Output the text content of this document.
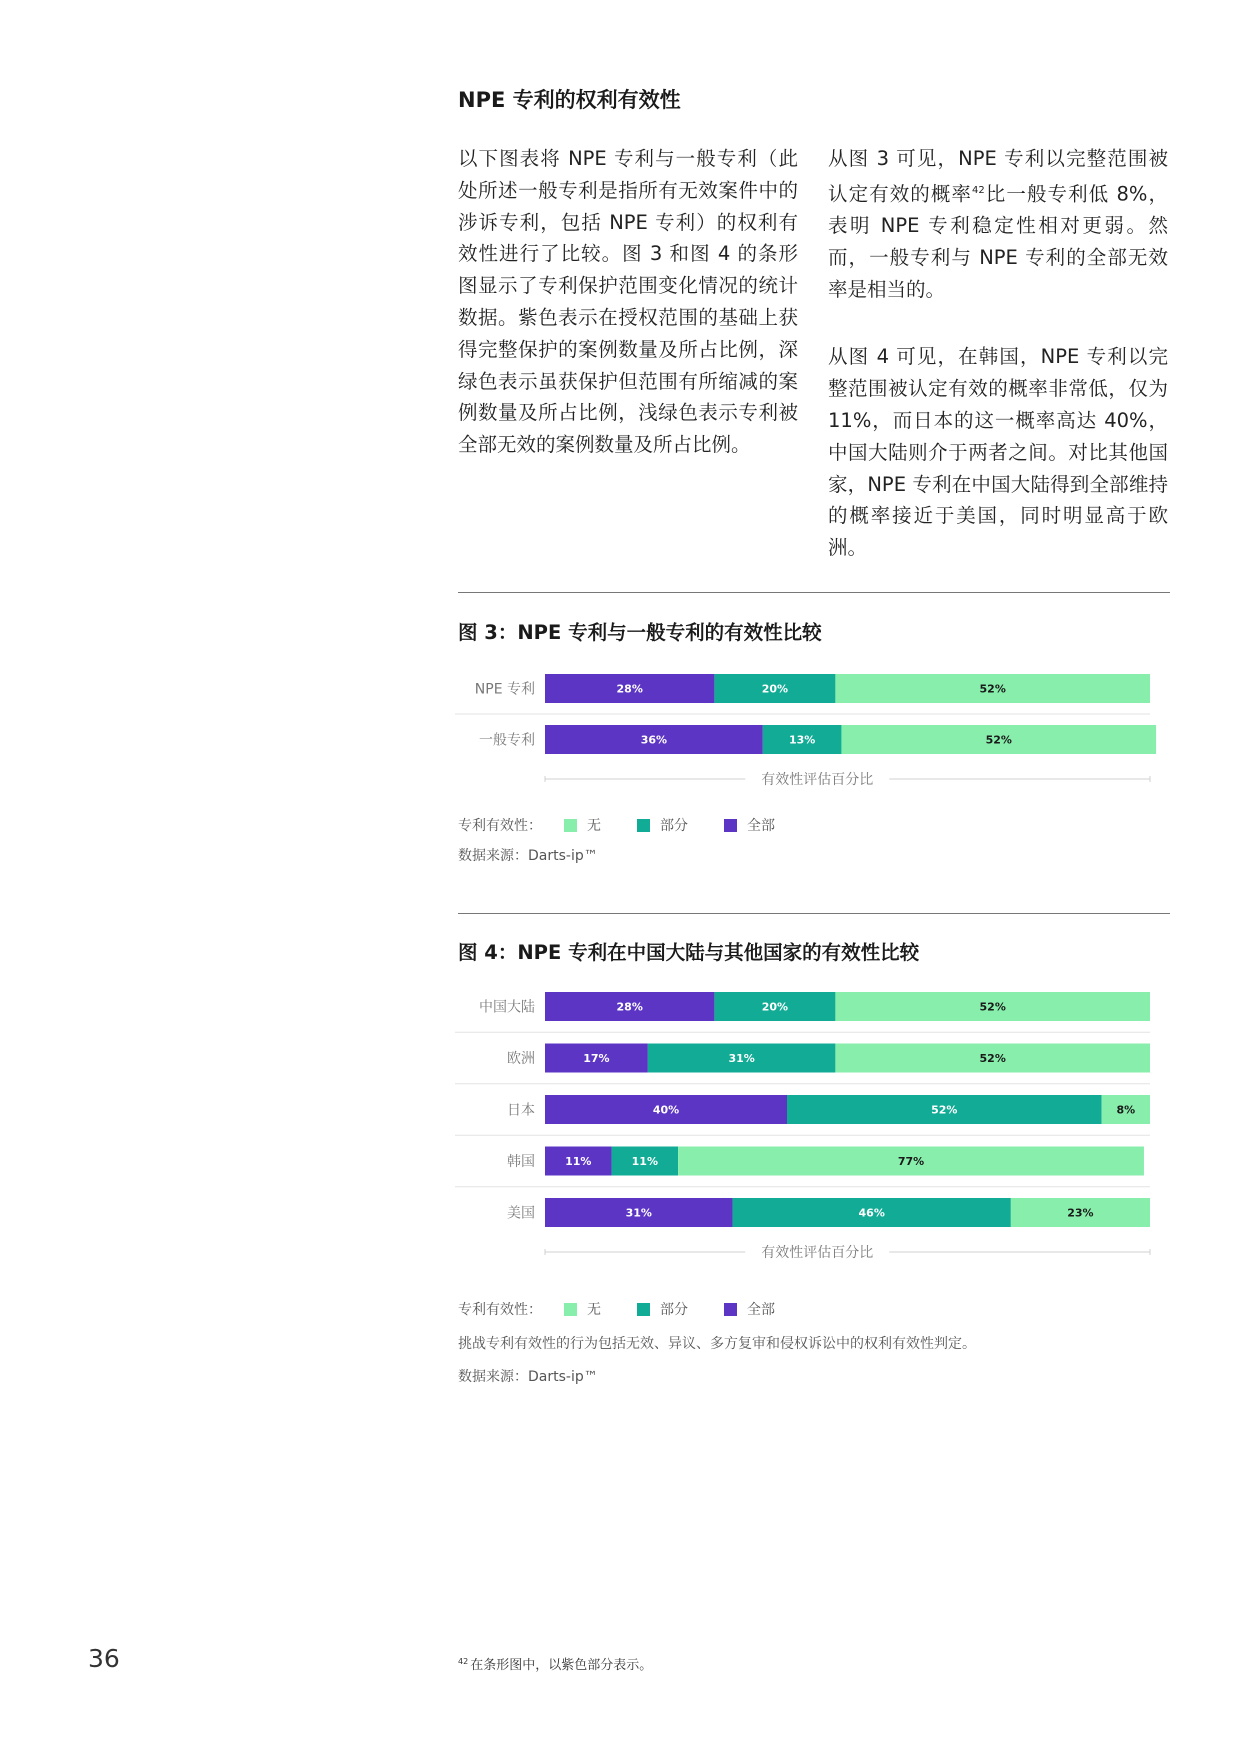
NPE 专利的权利有效性

以下图表将 NPE 专利与一般专利（此处所述一般专利是指所有无效案件中的涉诉专利，包括 NPE 专利）的权利有效性进行了比较。图 3 和图 4 的条形图显示了专利保护范围变化情况的统计数据。紫色表示在授权范围的基础上获得完整保护的案例数量及所占比例，深绿色表示虽获保护但范围有所缩减的案例数量及所占比例，浅绿色表示专利被全部无效的案例数量及所占比例。

从图 3 可见，NPE 专利以完整范围被认定有效的概率$^{42}$比一般专利低 8%，表明 NPE 专利稳定性相对更弱。然而，一般专利与 NPE 专利的全部无效率是相当的。

从图 4 可见，在韩国，NPE 专利以完整范围被认定有效的概率非常低，仅为 11%，而日本的这一概率高达 40%，中国大陆则介于两者之间。对比其他国家，NPE 专利在中国大陆得到全部维持的概率接近于美国，同时明显高于欧洲。

图 3：NPE 专利与一般专利的有效性比较
NPE 专利	28%	20%	52%
一般专利	36%	13%	52%
有效性评估百分比
专利有效性：	无	部分	全部
数据来源：Darts-ip™
图 4：NPE 专利在中国大陆与其他国家的有效性比较
中国大陆	28%	20%	52%
欧洲	17%	31%	52%
日本	40%	52%	8%
韩国	11%	11%	77%
美国	31%	46%	23%
有效性评估百分比
专利有效性：	无	部分	全部
挑战专利有效性的行为包括无效、异议、多方复审和侵权诉讼中的权利有效性判定。
数据来源：Darts-ip™
36	$^{42}$ 在条形图中，以紫色部分表示。
